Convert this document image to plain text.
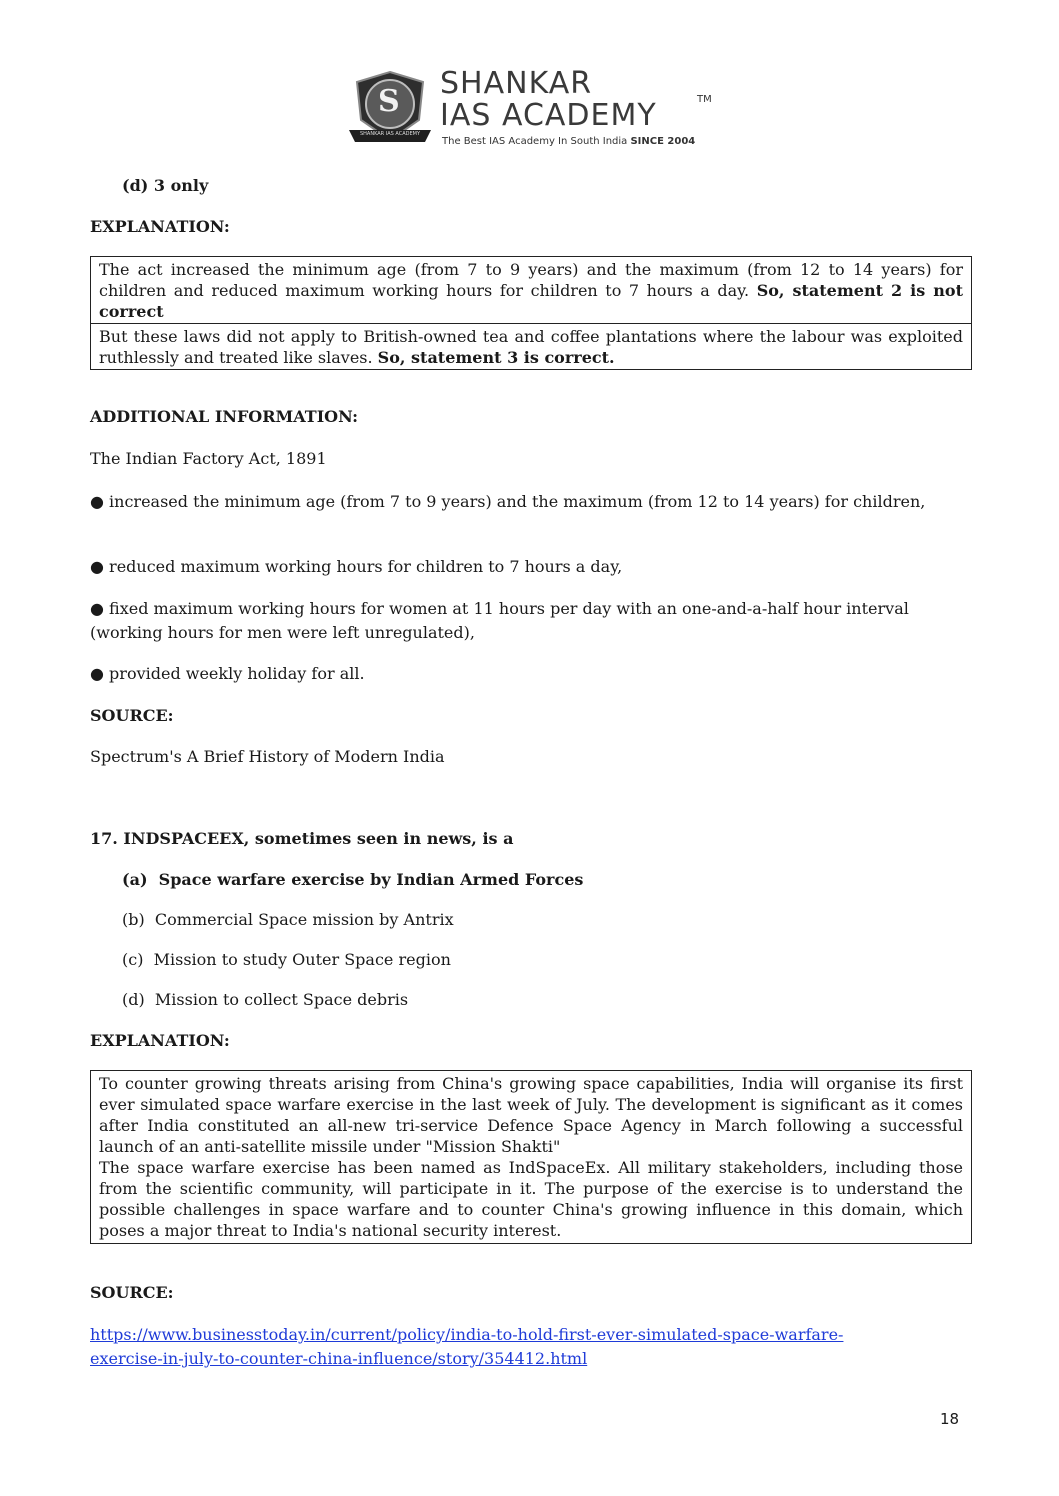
S
SHANKAR IAS ACADEMY
SHANKAR
IAS ACADEMY	TM
The Best IAS Academy In South India SINCE 2004
(d) 3 only
EXPLANATION:
The act increased the minimum age (from 7 to 9 years) and the maximum (from 12 to 14 years) for children and reduced maximum working hours for children to 7 hours a day. So, statement 2 is not correct
But these laws did not apply to British-owned tea and coffee plantations where the labour was exploited ruthlessly and treated like slaves. So, statement 3 is correct.
ADDITIONAL INFORMATION:
The Indian Factory Act, 1891
● increased the minimum age (from 7 to 9 years) and the maximum (from 12 to 14 years) for children,
● reduced maximum working hours for children to 7 hours a day,
● fixed maximum working hours for women at 11 hours per day with an one-and-a-half hour interval (working hours for men were left unregulated),
● provided weekly holiday for all.
SOURCE:
Spectrum's A Brief History of Modern India
17. INDSPACEEX, sometimes seen in news, is a
(a) Space warfare exercise by Indian Armed Forces
(b) Commercial Space mission by Antrix
(c) Mission to study Outer Space region
(d) Mission to collect Space debris
EXPLANATION:
To counter growing threats arising from China's growing space capabilities, India will organise its first ever simulated space warfare exercise in the last week of July. The development is significant as it comes after India constituted an all-new tri-service Defence Space Agency in March following a successful launch of an anti-satellite missile under "Mission Shakti"
The space warfare exercise has been named as IndSpaceEx. All military stakeholders, including those from the scientific community, will participate in it. The purpose of the exercise is to understand the possible challenges in space warfare and to counter China's growing influence in this domain, which poses a major threat to India's national security interest.
SOURCE:
https://www.businesstoday.in/current/policy/india-to-hold-first-ever-simulated-space-warfare-
exercise-in-july-to-counter-china-influence/story/354412.html
18
